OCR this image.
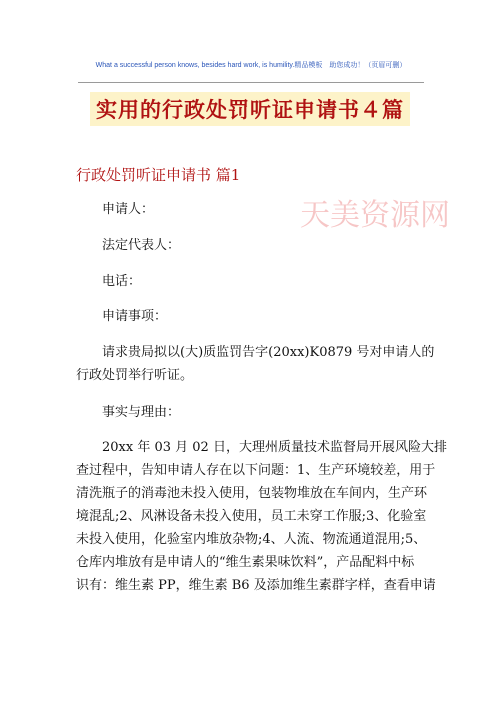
What a successful person knows, besides hard work, is humility.精品模板　助您成功！（页眉可删）
实用的行政处罚听证申请书４篇
行政处罚听证申请书 篇1
天美资源网
申请人：
法定代表人：
电话：
申请事项：
请求贵局拟以(大)质监罚告字(20xx)K0879 号对申请人的
行政处罚举行听证。
事实与理由：
20xx 年 03 月 02 日，大理州质量技术监督局开展风险大排
查过程中，告知申请人存在以下问题：1、生产环境较差，用于
清洗瓶子的消毒池未投入使用，包装物堆放在车间内，生产环
境混乱;2、风淋设备未投入使用，员工未穿工作服;3、化验室
未投入使用，化验室内堆放杂物;4、人流、物流通道混用;5、
仓库内堆放有是申请人的“维生素果味饮料”，产品配料中标
识有：维生素 PP，维生素 B6 及添加维生素群字样，查看申请
